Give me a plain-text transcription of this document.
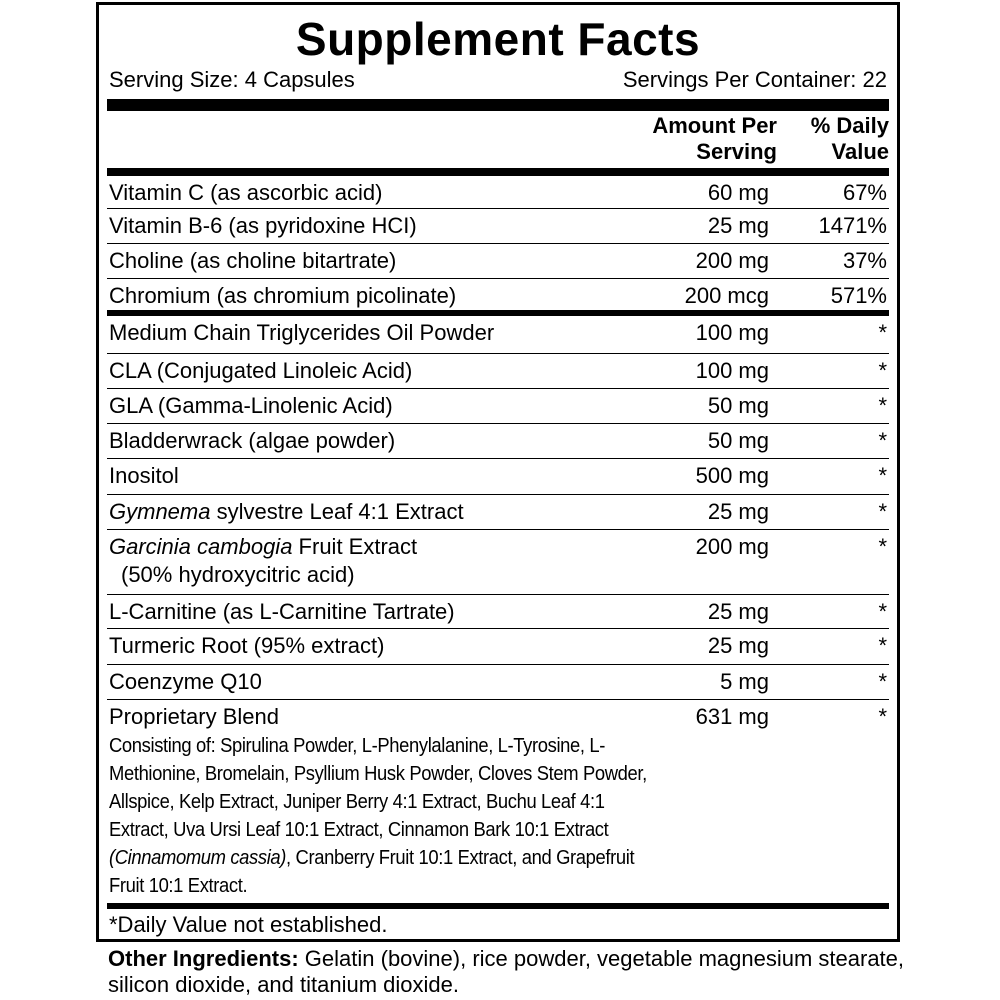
Supplement Facts
Serving Size: 4 Capsules	Servings Per Container: 22
Amount Per
Serving
% Daily
Value
Vitamin C (as ascorbic acid)	60 mg	67%
Vitamin B-6 (as pyridoxine HCI)	25 mg 1471%
Choline (as choline bitartrate)	200 mg	37%
Chromium (as chromium picolinate)	200 mcg	571%
Medium Chain Triglycerides Oil Powder	100 mg	*
CLA (Conjugated Linoleic Acid)	100 mg	*
GLA (Gamma-Linolenic Acid)	50 mg	*
Bladderwrack (algae powder)	50 mg	*
Inositol	500 mg	*
Gymnema sylvestre Leaf 4:1 Extract	25 mg	*
Garcinia cambogia Fruit Extract
(50% hydroxycitric acid)
200 mg	*
L-Carnitine (as L-Carnitine Tartrate)	25 mg	*
Turmeric Root (95% extract)	25 mg	*
Coenzyme Q10	5 mg	*
Proprietary Blend	631 mg	*
Consisting of: Spirulina Powder, L-Phenylalanine, L-Tyrosine, L-Methionine, Bromelain, Psyllium Husk Powder, Cloves Stem Powder, Allspice, Kelp Extract, Juniper Berry 4:1 Extract, Buchu Leaf 4:1 Extract, Uva Ursi Leaf 10:1 Extract, Cinnamon Bark 10:1 Extract (Cinnamomum cassia), Cranberry Fruit 10:1 Extract, and Grapefruit Fruit 10:1 Extract.
*Daily Value not established.
Other Ingredients: Gelatin (bovine), rice powder, vegetable magnesium stearate, silicon dioxide, and titanium dioxide.
